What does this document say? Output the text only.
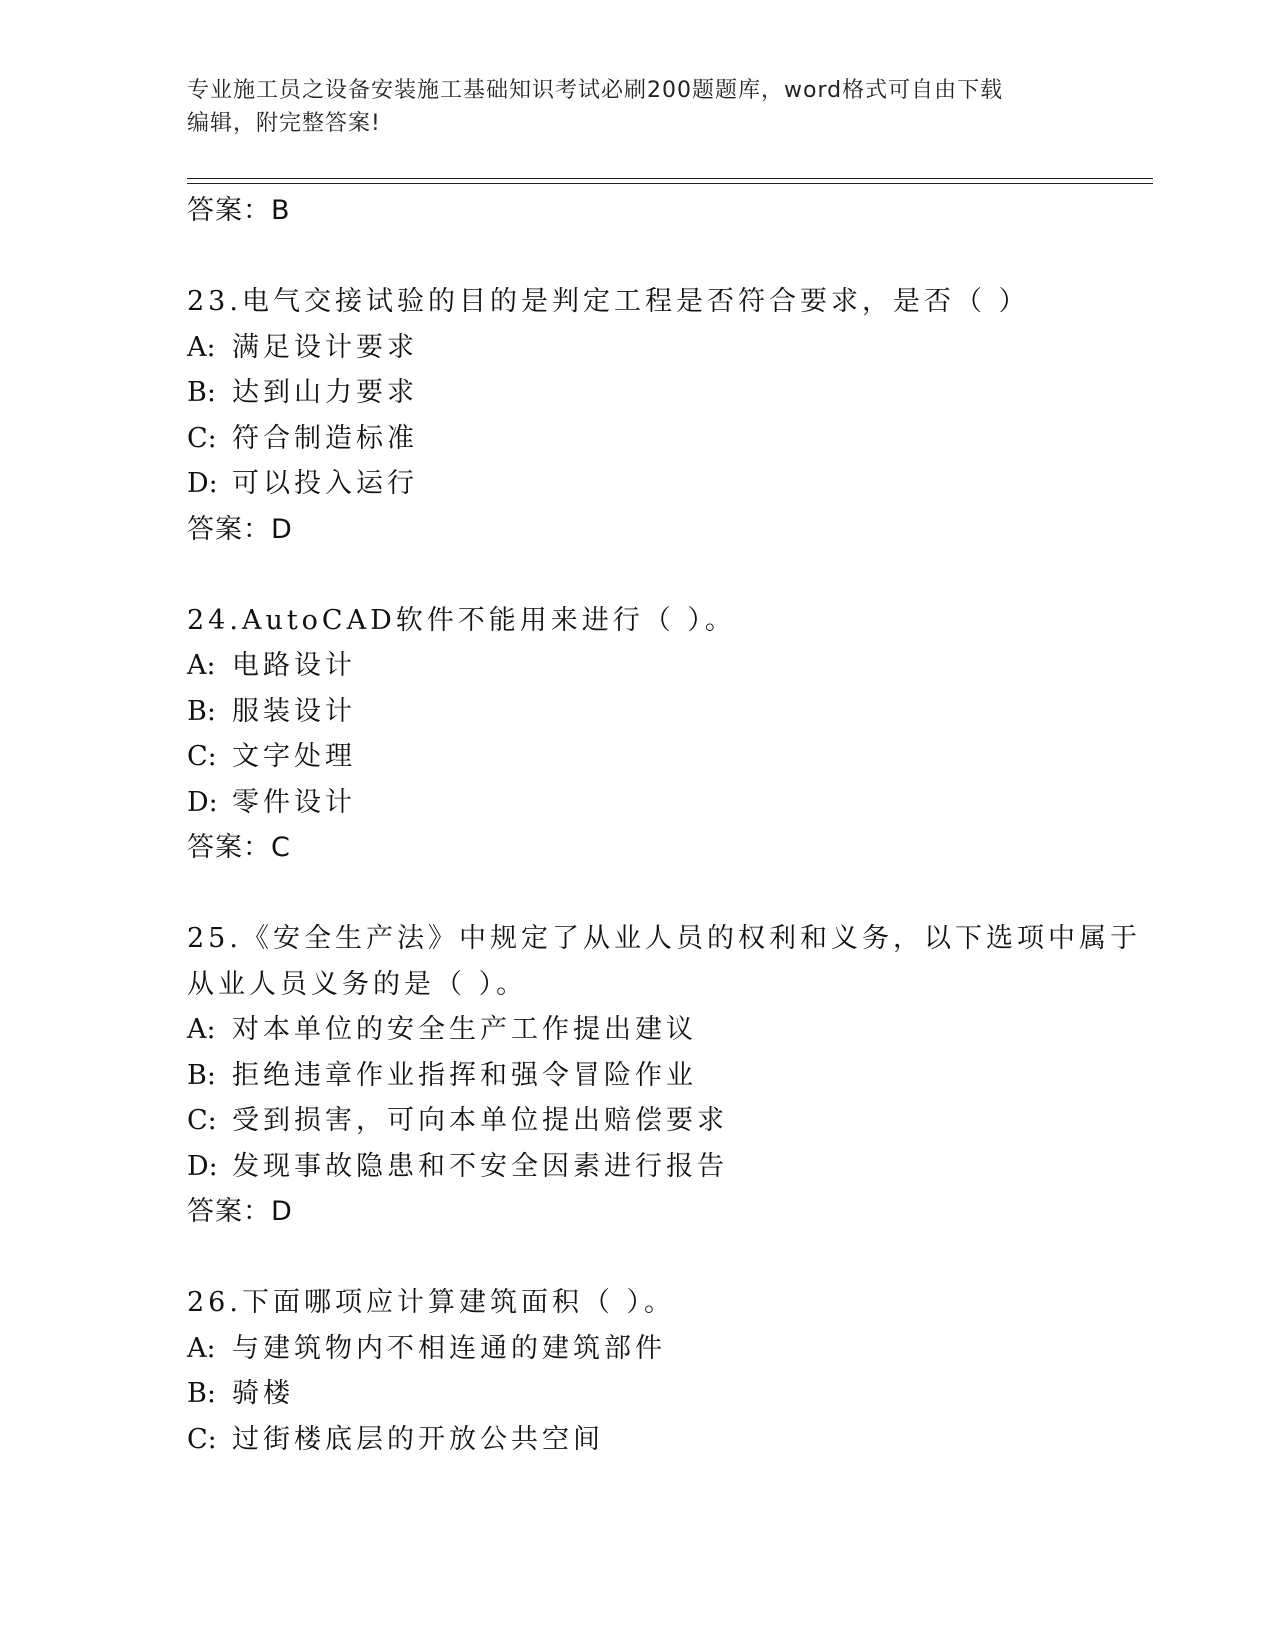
专业施工员之设备安装施工基础知识考试必刷200题题库，word格式可自由下载
编辑，附完整答案!
答案：B
23.电气交接试验的目的是判定工程是否符合要求，是否（ ）
A: 满足设计要求
B: 达到山力要求
C: 符合制造标准
D: 可以投入运行
答案：D
24.AutoCAD软件不能用来进行（ ）。
A: 电路设计
B: 服装设计
C: 文字处理
D: 零件设计
答案：C
25.《安全生产法》中规定了从业人员的权利和义务，以下选项中属于
从业人员义务的是（ ）。
A: 对本单位的安全生产工作提出建议
B: 拒绝违章作业指挥和强令冒险作业
C: 受到损害，可向本单位提出赔偿要求
D: 发现事故隐患和不安全因素进行报告
答案：D
26.下面哪项应计算建筑面积（ ）。
A: 与建筑物内不相连通的建筑部件
B: 骑楼
C: 过街楼底层的开放公共空间
